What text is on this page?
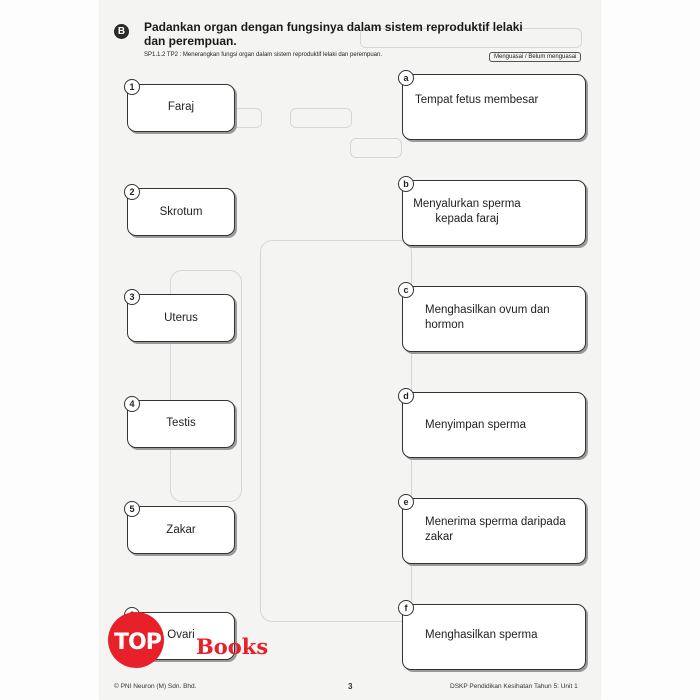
B	Padankan organ dengan fungsinya dalam sistem reproduktif lelaki dan perempuan.
SP1.1.2 TP2 : Menerangkan fungsi organ dalam sistem reproduktif lelaki dan perempuan.	Menguasai / Belum menguasai
1
Faraj
2
Skrotum
3
Uterus
4
Testis
5
Zakar
Ovari
a
Tempat fetus membesar
b
Menyalurkan sperma
kepada faraj
c
Menghasilkan ovum dan
hormon
d
Menyimpan sperma
e
Menerima sperma daripada
zakar
f
Menghasilkan sperma
© PNI Neuron (M) Sdn. Bhd.	3	DSKP Pendidikan Kesihatan Tahun 5: Unit 1
TOP Books
